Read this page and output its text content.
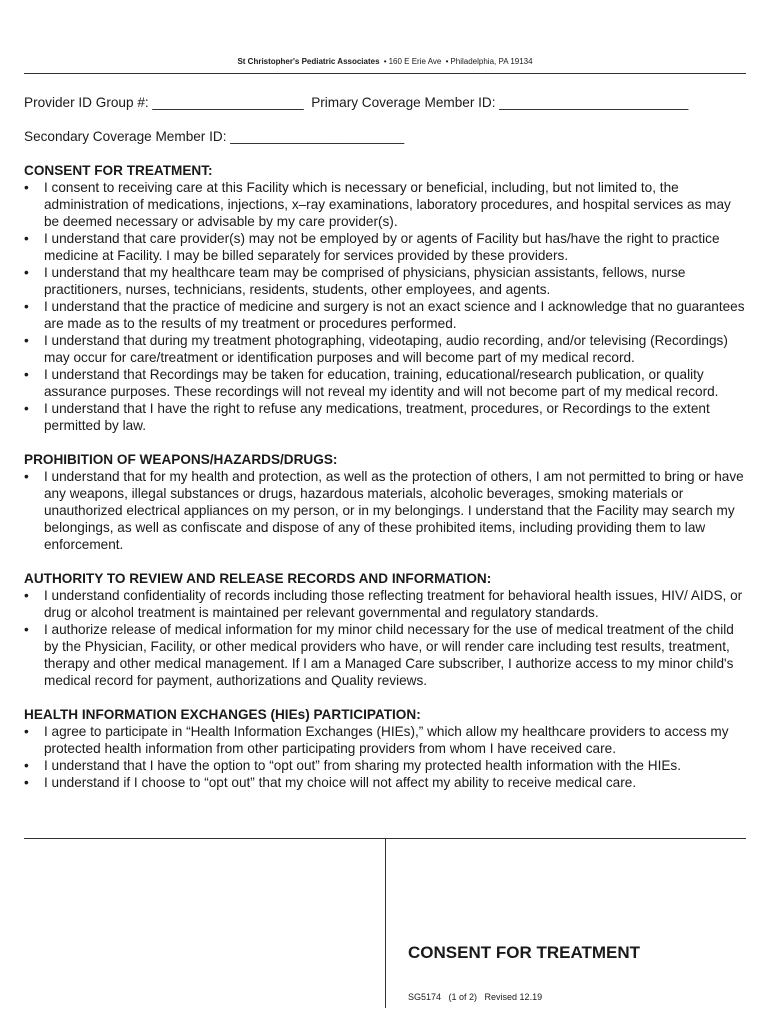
St Christopher's Pediatric Associates • 160 E Erie Ave • Philadelphia, PA 19134
Provider ID Group #: ____________________  Primary Coverage Member ID: _________________________
Secondary Coverage Member ID: _______________________
CONSENT FOR TREATMENT:
• I consent to receiving care at this Facility which is necessary or beneficial, including, but not limited to, the administration of medications, injections, x–ray examinations, laboratory procedures, and hospital services as may be deemed necessary or advisable by my care provider(s).
• I understand that care provider(s) may not be employed by or agents of Facility but has/have the right to practice medicine at Facility. I may be billed separately for services provided by these providers.
• I understand that my healthcare team may be comprised of physicians, physician assistants, fellows, nurse practitioners, nurses, technicians, residents, students, other employees, and agents.
• I understand that the practice of medicine and surgery is not an exact science and I acknowledge that no guarantees are made as to the results of my treatment or procedures performed.
• I understand that during my treatment photographing, videotaping, audio recording, and/or televising (Recordings) may occur for care/treatment or identification purposes and will become part of my medical record.
• I understand that Recordings may be taken for education, training, educational/research publication, or quality assurance purposes. These recordings will not reveal my identity and will not become part of my medical record.
• I understand that I have the right to refuse any medications, treatment, procedures, or Recordings to the extent permitted by law.
PROHIBITION OF WEAPONS/HAZARDS/DRUGS:
• I understand that for my health and protection, as well as the protection of others, I am not permitted to bring or have any weapons, illegal substances or drugs, hazardous materials, alcoholic beverages, smoking materials or unauthorized electrical appliances on my person, or in my belongings. I understand that the Facility may search my belongings, as well as confiscate and dispose of any of these prohibited items, including providing them to law enforcement.
AUTHORITY TO REVIEW AND RELEASE RECORDS AND INFORMATION:
• I understand confidentiality of records including those reflecting treatment for behavioral health issues, HIV/ AIDS, or drug or alcohol treatment is maintained per relevant governmental and regulatory standards.
• I authorize release of medical information for my minor child necessary for the use of medical treatment of the child by the Physician, Facility, or other medical providers who have, or will render care including test results, treatment, therapy and other medical management. If I am a Managed Care subscriber, I authorize access to my minor child's medical record for payment, authorizations and Quality reviews.
HEALTH INFORMATION EXCHANGES (HIEs) PARTICIPATION:
• I agree to participate in “Health Information Exchanges (HIEs),” which allow my healthcare providers to access my protected health information from other participating providers from whom I have received care.
• I understand that I have the option to “opt out” from sharing my protected health information with the HIEs.
• I understand if I choose to “opt out” that my choice will not affect my ability to receive medical care.
CONSENT FOR TREATMENT
SG5174   (1 of 2)   Revised 12.19
